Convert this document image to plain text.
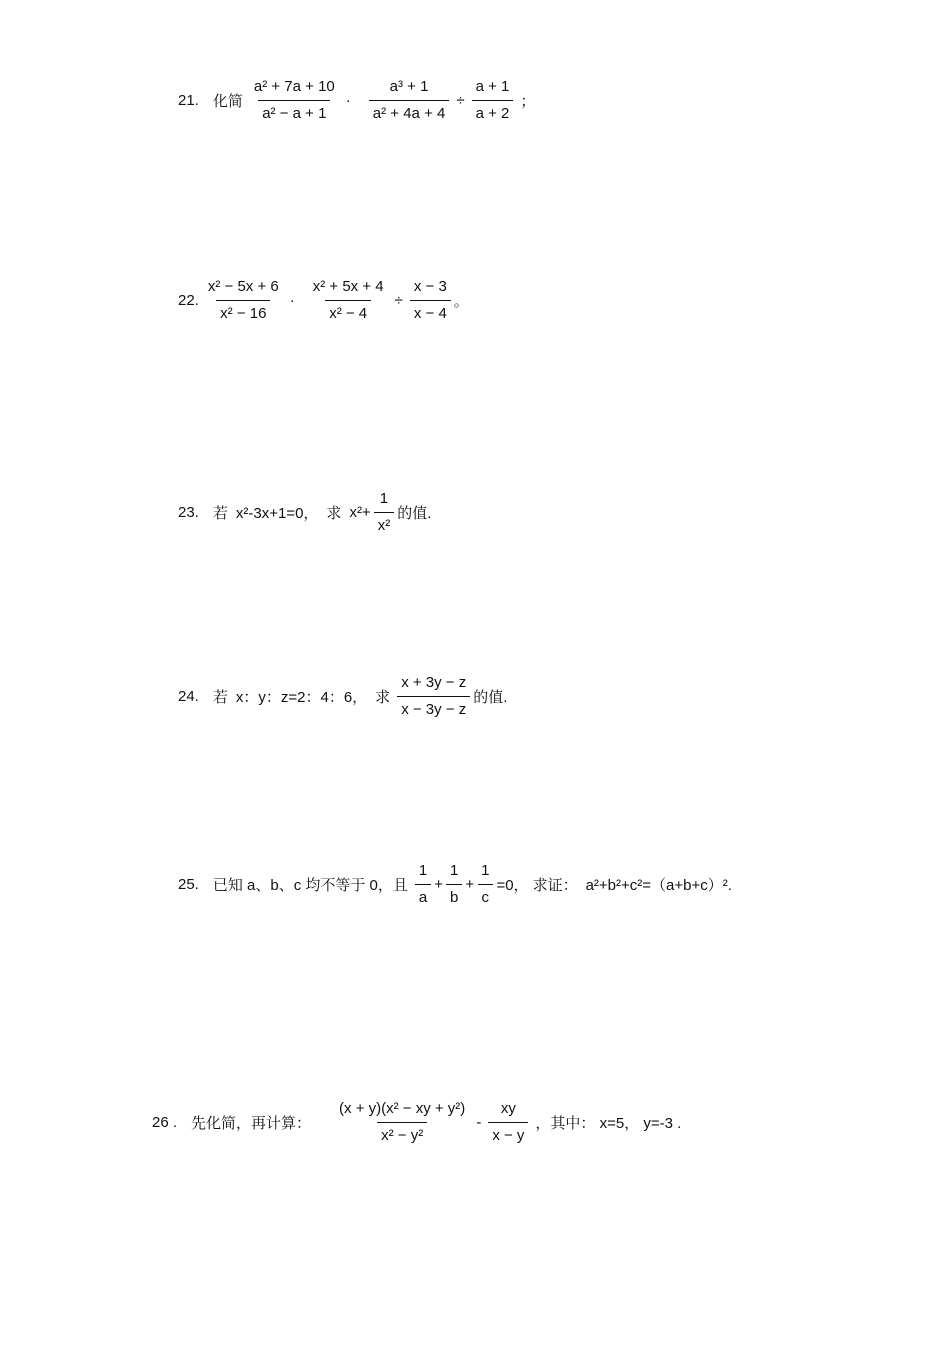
21. 化简 $\frac{\text{a² + 7a + 10}}{\text{a² − a + 1}} \cdot \frac{\text{a³ + 1}}{\text{a² + 4a + 4}} \div \frac{a + 1}{a + 2}$ ；
22. $\frac{\text{x² − 5x + 6}}{\text{x² − 16}} \cdot \frac{\text{x² + 5x + 4}}{\text{x² − 4}} \div \frac{x - 3}{x - 4}$ 。
23. 若 x²-3x+1=0， 求 $x^2+ \frac{1}{\text{x²}}$ 的值.
24. 若 x：y：z=2：4：6， 求 $\frac{x + 3y - z}{x - 3y - z}$ 的值.
25. 已知 a、b、c 均不等于 0，且 $\frac{1}{a} + \frac{1}{b} + \frac{1}{c} =0$， 求证： a²+b²+c²=（a+b+c）².
26 . 先化简，再计算： $\frac{\text{(x + y)(x² − xy + y²)}}{\text{x² − y²}} - \frac{xy}{x - y}$ ，其中： x=5， y=-3 .
